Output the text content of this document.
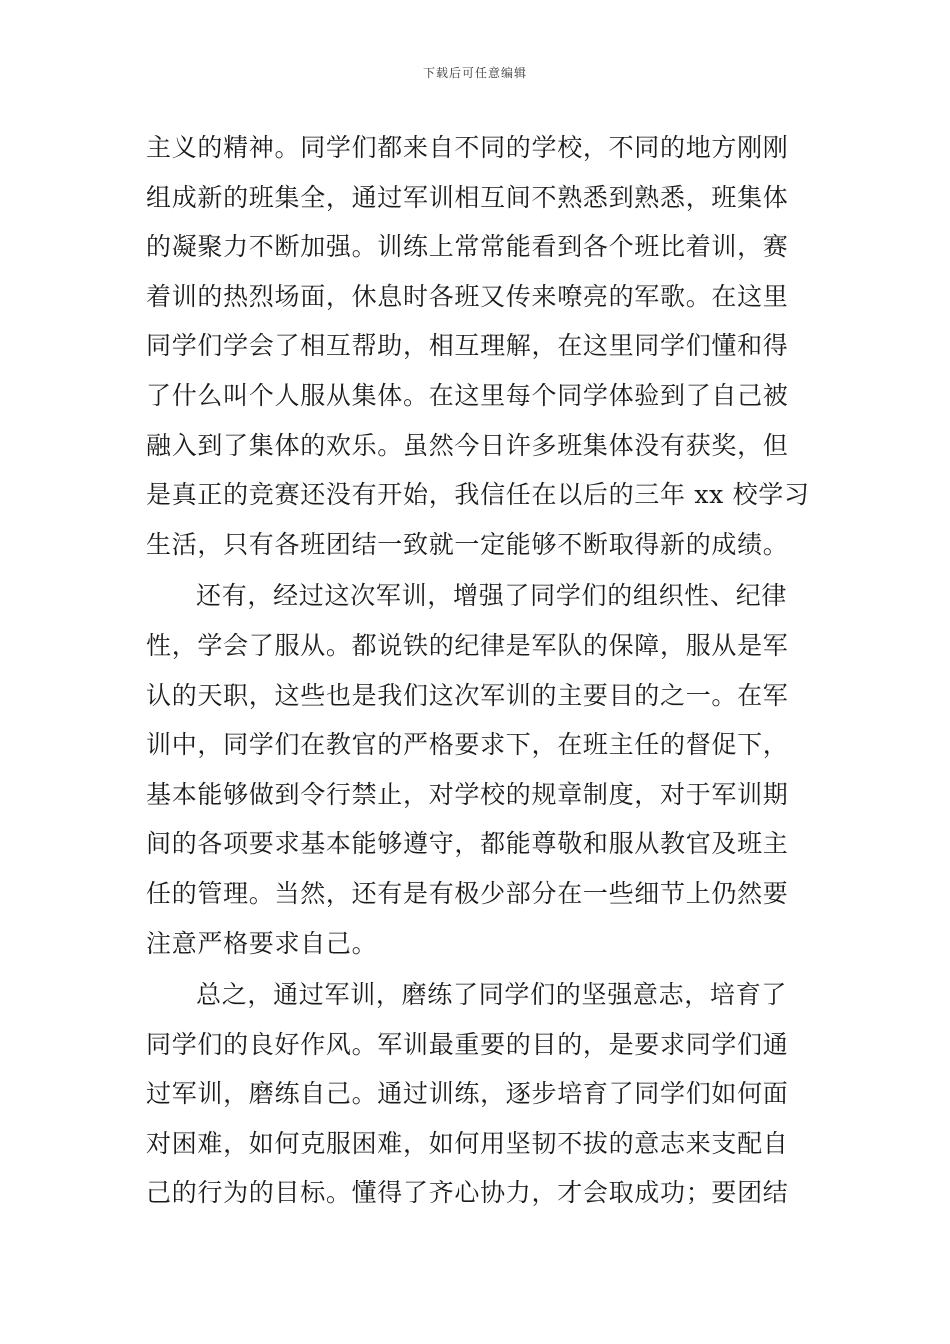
下载后可任意编辑
主义的精神。同学们都来自不同的学校，不同的地方刚刚
组成新的班集全，通过军训相互间不熟悉到熟悉，班集体
的凝聚力不断加强。训练上常常能看到各个班比着训，赛
着训的热烈场面，休息时各班又传来嘹亮的军歌。在这里
同学们学会了相互帮助，相互理解，在这里同学们懂和得
了什么叫个人服从集体。在这里每个同学体验到了自己被
融入到了集体的欢乐。虽然今日许多班集体没有获奖，但
是真正的竞赛还没有开始，我信任在以后的三年 xx 校学习
生活，只有各班团结一致就一定能够不断取得新的成绩。
还有，经过这次军训，增强了同学们的组织性、纪律
性，学会了服从。都说铁的纪律是军队的保障，服从是军
认的天职，这些也是我们这次军训的主要目的之一。在军
训中，同学们在教官的严格要求下，在班主任的督促下，
基本能够做到令行禁止，对学校的规章制度，对于军训期
间的各项要求基本能够遵守，都能尊敬和服从教官及班主
任的管理。当然，还有是有极少部分在一些细节上仍然要
注意严格要求自己。
总之，通过军训，磨练了同学们的坚强意志，培育了
同学们的良好作风。军训最重要的目的，是要求同学们通
过军训，磨练自己。通过训练，逐步培育了同学们如何面
对困难，如何克服困难，如何用坚韧不拔的意志来支配自
己的行为的目标。懂得了齐心协力，才会取成功；要团结
